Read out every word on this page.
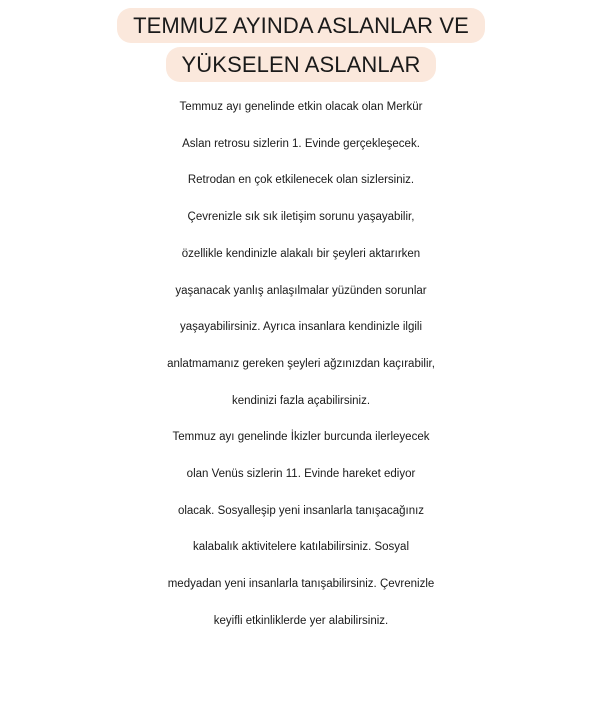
TEMMUZ AYINDA ASLANLAR VE
YÜKSELEN ASLANLAR
Temmuz ayı genelinde etkin olacak olan Merkür
Aslan retrosu sizlerin 1. Evinde gerçekleşecek.
Retrodan en çok etkilenecek olan sizlersiniz.
Çevrenizle sık sık iletişim sorunu yaşayabilir,
özellikle kendinizle alakalı bir şeyleri aktarırken
yaşanacak yanlış anlaşılmalar yüzünden sorunlar
yaşayabilirsiniz. Ayrıca insanlara kendinizle ilgili
anlatmamanız gereken şeyleri ağzınızdan kaçırabilir,
kendinizi fazla açabilirsiniz.
Temmuz ayı genelinde İkizler burcunda ilerleyecek
olan Venüs sizlerin 11. Evinde hareket ediyor
olacak. Sosyalleşip yeni insanlarla tanışacağınız
kalabalık aktivitelere katılabilirsiniz. Sosyal
medyadan yeni insanlarla tanışabilirsiniz. Çevrenizle
keyifli etkinliklerde yer alabilirsiniz.
